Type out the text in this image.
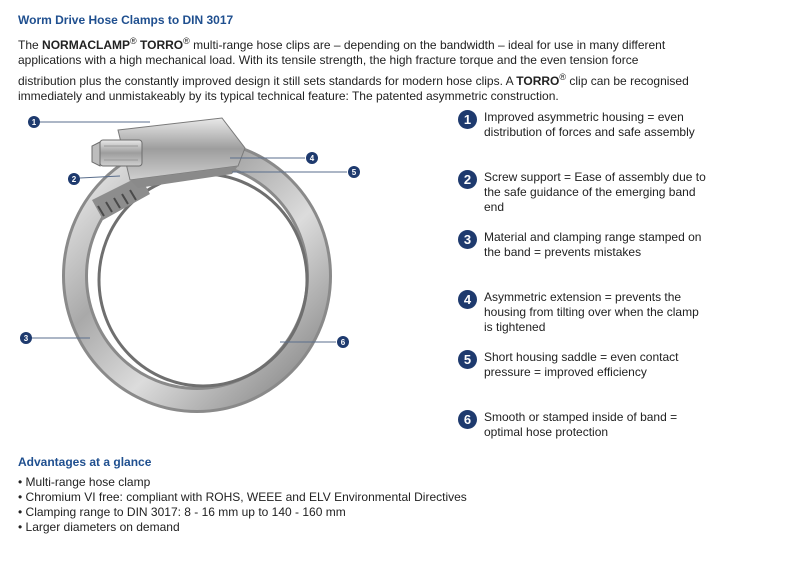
Worm Drive Hose Clamps to DIN 3017

The NORMACLAMP® TORRO® multi-range hose clips are – depending on the bandwidth – ideal for use in many different applications with a high mechanical load. With its tensile strength, the high fracture torque and the even tension force

distribution plus the constantly improved design it still sets standards for modern hose clips. A TORRO® clip can be recognised immediately and unmistakeably by its typical technical feature: The patented asymmetric construction.

1
2
3
4
5
6
1	Improved asymmetric housing = even distribution of forces and safe assembly
2	Screw support = Ease of assembly due to the safe guidance of the emerging band end
3	Material and clamping range stamped on the band = prevents mistakes
4	Asymmetric extension = prevents the housing from tilting over when the clamp is tightened
5	Short housing saddle = even contact pressure = improved efficiency
6	Smooth or stamped inside of band = optimal hose protection
Advantages at a glance
• Multi-range hose clamp
• Chromium VI free: compliant with ROHS, WEEE and ELV Environmental Directives
• Clamping range to DIN 3017: 8 - 16 mm up to 140 - 160 mm
• Larger diameters on demand
